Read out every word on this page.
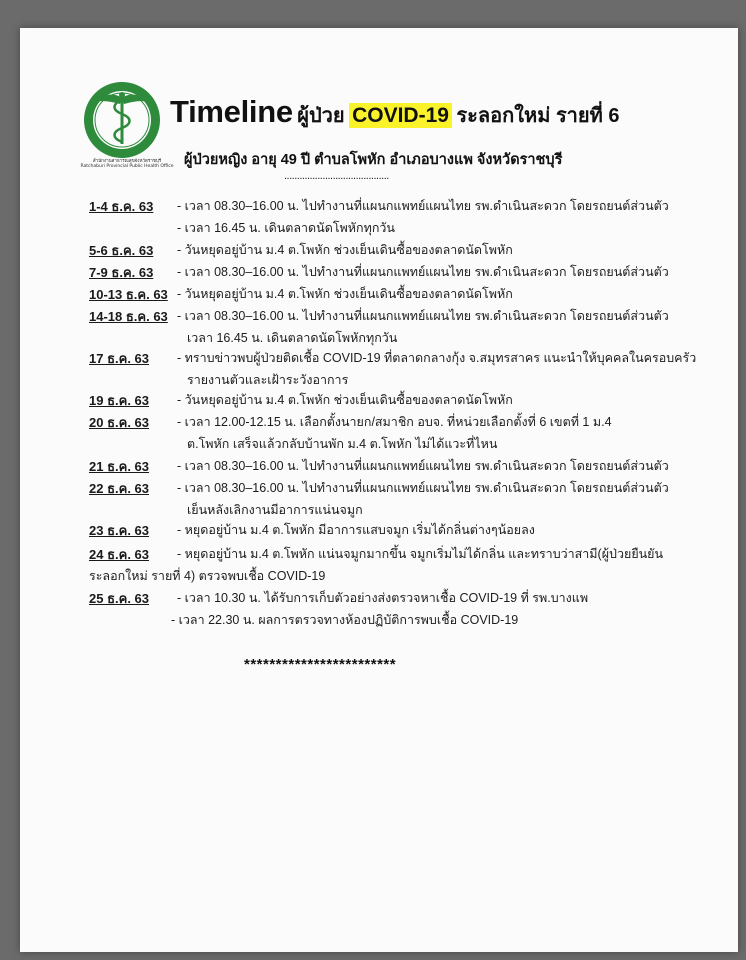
สำนักงานสาธารณสุขจังหวัดราชบุรี
Ratchaburi Provincial Public Health Office
Timeline ผู้ป่วย COVID-19 ระลอกใหม่ รายที่ 6
ผู้ป่วยหญิง อายุ 49 ปี ตำบลโพหัก อำเภอบางแพ จังหวัดราชบุรี
.........................................
1-4 ธ.ค. 63	- เวลา 08.30–16.00 น. ไปทำงานที่แผนกแพทย์แผนไทย รพ.ดำเนินสะดวก โดยรถยนต์ส่วนตัว
- เวลา 16.45 น. เดินตลาดนัดโพหักทุกวัน
5-6 ธ.ค. 63	- วันหยุดอยู่บ้าน ม.4 ต.โพหัก ช่วงเย็นเดินซื้อของตลาดนัดโพหัก
7-9 ธ.ค. 63	- เวลา 08.30–16.00 น. ไปทำงานที่แผนกแพทย์แผนไทย รพ.ดำเนินสะดวก โดยรถยนต์ส่วนตัว
10-13 ธ.ค. 63 - วันหยุดอยู่บ้าน ม.4 ต.โพหัก ช่วงเย็นเดินซื้อของตลาดนัดโพหัก
14-18 ธ.ค. 63 - เวลา 08.30–16.00 น. ไปทำงานที่แผนกแพทย์แผนไทย รพ.ดำเนินสะดวก โดยรถยนต์ส่วนตัว
เวลา 16.45 น. เดินตลาดนัดโพหักทุกวัน
17 ธ.ค. 63	- ทราบข่าวพบผู้ป่วยติดเชื้อ COVID-19 ที่ตลาดกลางกุ้ง จ.สมุทรสาคร แนะนำให้บุคคลในครอบครัว
รายงานตัวและเฝ้าระวังอาการ
19 ธ.ค. 63	- วันหยุดอยู่บ้าน ม.4 ต.โพหัก ช่วงเย็นเดินซื้อของตลาดนัดโพหัก
20 ธ.ค. 63	- เวลา 12.00-12.15 น. เลือกตั้งนายก/สมาชิก อบจ. ที่หน่วยเลือกตั้งที่ 6 เขตที่ 1 ม.4
ต.โพหัก เสร็จแล้วกลับบ้านพัก ม.4 ต.โพหัก ไม่ได้แวะที่ไหน
21 ธ.ค. 63	- เวลา 08.30–16.00 น. ไปทำงานที่แผนกแพทย์แผนไทย รพ.ดำเนินสะดวก โดยรถยนต์ส่วนตัว
22 ธ.ค. 63	- เวลา 08.30–16.00 น. ไปทำงานที่แผนกแพทย์แผนไทย รพ.ดำเนินสะดวก โดยรถยนต์ส่วนตัว
เย็นหลังเลิกงานมีอาการแน่นจมูก
23 ธ.ค. 63	- หยุดอยู่บ้าน ม.4 ต.โพหัก มีอาการแสบจมูก เริ่มได้กลิ่นต่างๆน้อยลง
24 ธ.ค. 63	- หยุดอยู่บ้าน ม.4 ต.โพหัก แน่นจมูกมากขึ้น จมูกเริ่มไม่ได้กลิ่น และทราบว่าสามี(ผู้ป่วยยืนยัน
ระลอกใหม่ รายที่ 4) ตรวจพบเชื้อ COVID-19
25 ธ.ค. 63	- เวลา 10.30 น. ได้รับการเก็บตัวอย่างส่งตรวจหาเชื้อ COVID-19 ที่ รพ.บางแพ
- เวลา 22.30 น. ผลการตรวจทางห้องปฏิบัติการพบเชื้อ COVID-19
************************
